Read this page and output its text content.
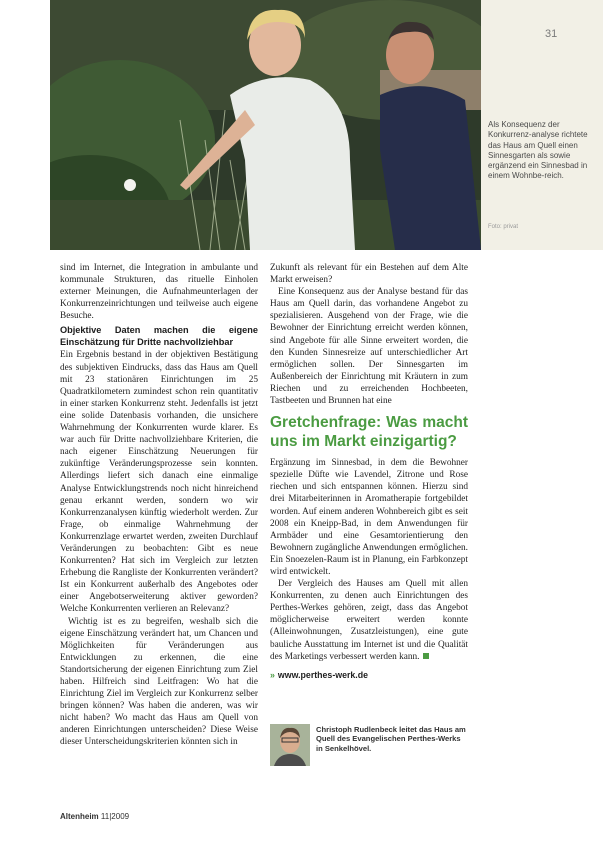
31
Als Konsequenz der Konkurrenz-analyse richtete das Haus am Quell einen Sinnesgarten als sowie ergänzend ein Sinnesbad in einem Wohnbe-reich.
Foto: privat

sind im Internet, die Integration in ambulante und kommunale Strukturen, das rituelle Einholen externer Meinungen, die Aufnahmeunterlagen der Konkurrenzeinrichtungen und teilweise auch eigene Besuche.

Objektive Daten machen die eigene Einschätzung für Dritte nachvollziehbar

Ein Ergebnis bestand in der objektiven Bestätigung des subjektiven Eindrucks, dass das Haus am Quell mit 23 stationären Einrichtungen im 25 Quadratkilometern zumindest schon rein quantitativ in einer starken Konkurrenz steht. Jedenfalls ist jetzt eine solide Datenbasis vorhanden, die unsichere Wahrnehmung der Konkurrenten wurde klarer. Es war auch für Dritte nachvollziehbare Kriterien, die nach eigener Einschätzung Neuerungen für zukünftige Veränderungsprozesse sein konnten. Allerdings liefert sich danach eine einmalige Analyse Entwicklungstrends noch nicht hinreichend genau erkannt werden, sondern wo wir Konkurrenzanalysen künftig wiederholt werden. Zur Frage, ob einmalige Wahrnehmung der Konkurrenzlage erwartet werden, zweiten Durchlauf Veränderungen zu beobachten: Gibt es neue Konkurrenten? Hat sich im Vergleich zur letzten Erhebung die Rangliste der Konkurrenten verändert? Ist ein Konkurrent außerhalb des Angebotes oder einer Angebotserweiterung aktiver geworden? Welche Konkurrenten verlieren an Relevanz?

Wichtig ist es zu begreifen, weshalb sich die eigene Einschätzung verändert hat, um Chancen und Möglichkeiten für Veränderungen aus Entwicklungen zu erkennen, die eine Standortsicherung der eigenen Einrichtung zum Ziel haben. Hilfreich sind Leitfragen: Wo hat die Einrichtung Ziel im Vergleich zur Konkurrenz selber bringen können? Was haben die anderen, was wir nicht haben? Wo macht das Haus am Quell von anderen Einrichtungen unterscheiden? Diese Weise dieser Unterscheidungskriterien könnten sich in

Zukunft als relevant für ein Bestehen auf dem Alte Markt erweisen?

Eine Konsequenz aus der Analyse bestand für das Haus am Quell darin, das vorhandene Angebot zu spezialisieren. Ausgehend von der Frage, wie die Bewohner der Einrichtung erreicht werden können, sind Angebote für alle Sinne erweitert worden, die den Kunden Sinnesreize auf unterschiedlicher Art ermöglichen sollen. Der Sinnesgarten im Außenbereich der Einrichtung mit Kräutern in zum Riechen und zu erreichenden Hochbeeten, Tastbeeten und Brunnen hat eine

Gretchenfrage: Was macht uns im Markt einzigartig?

Ergänzung im Sinnesbad, in dem die Bewohner spezielle Düfte wie Lavendel, Zitrone und Rose riechen und sich entspannen können. Hierzu sind drei Mitarbeiterinnen in Aromatherapie fortgebildet worden. Auf einem anderen Wohnbereich gibt es seit 2008 ein Kneipp-Bad, in dem Anwendungen für Armbäder und eine Gesamtorientierung den Bewohnern zugängliche Anwendungen ermöglichen. Ein Snoezelen-Raum ist in Planung, ein Farbkonzept wird entwickelt.

Der Vergleich des Hauses am Quell mit allen Konkurrenten, zu denen auch Einrichtungen des Perthes-Werkes gehören, zeigt, dass das Angebot möglicherweise erweitert werden konnte (Alleinwohnungen, Zusatzleistungen), eine gute bauliche Ausstattung im Internet ist und die Qualität des Marketings verbessert werden kann.

» www.perthes-werk.de
Christoph Rudlenbeck leitet das Haus am Quell des Evangelischen Perthes-Werks in Senkelhövel.
Altenheim 11|2009
